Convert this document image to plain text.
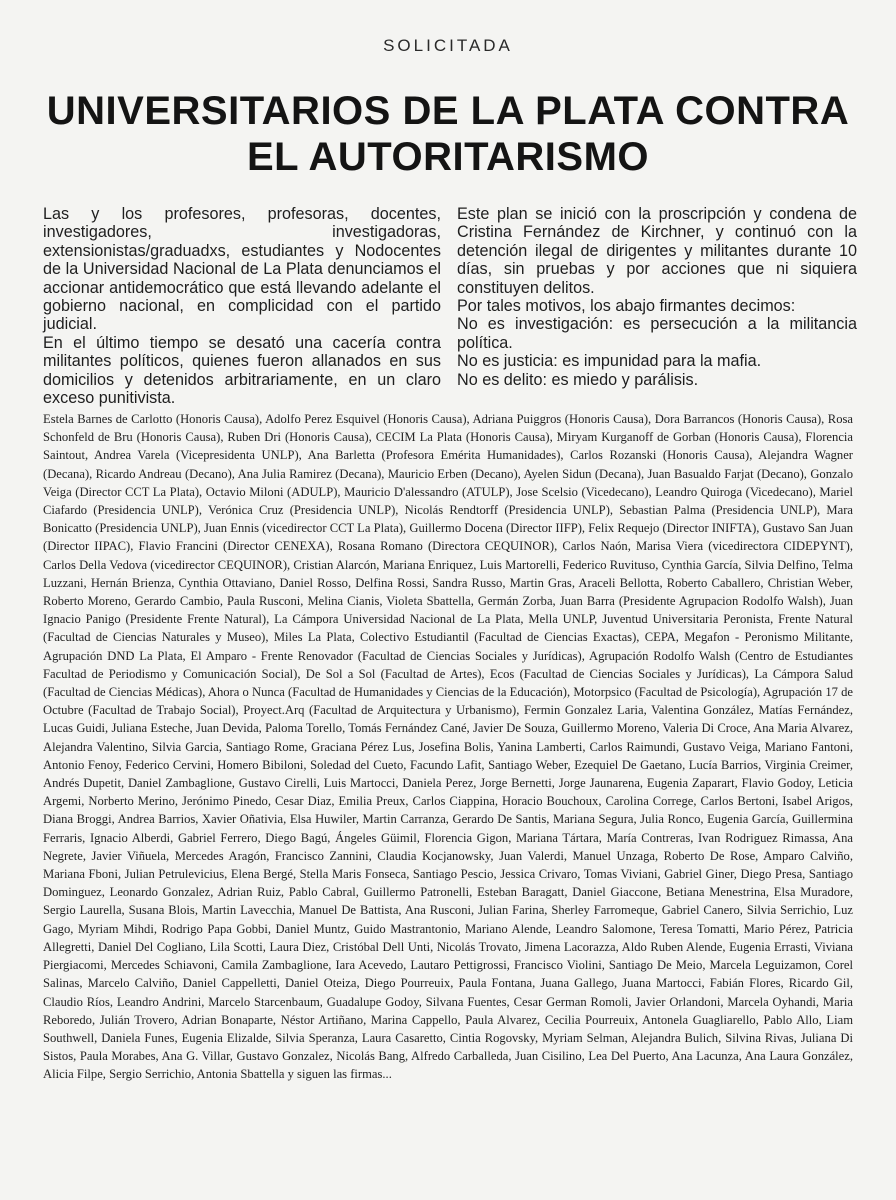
SOLICITADA
UNIVERSITARIOS DE LA PLATA CONTRA EL AUTORITARISMO

Las y los profesores, profesoras, docentes, investigadores, investigadoras, extensionistas/graduadxs, estudiantes y Nodocentes de la Universidad Nacional de La Plata denunciamos el accionar antidemocrático que está llevando adelante el gobierno nacional, en complicidad con el partido judicial.

En el último tiempo se desató una cacería contra militantes políticos, quienes fueron allanados en sus domicilios y detenidos arbitrariamente, en un claro exceso punitivista.

Este plan se inició con la proscripción y condena de Cristina Fernández de Kirchner, y continuó con la detención ilegal de dirigentes y militantes durante 10 días, sin pruebas y por acciones que ni siquiera constituyen delitos.

Por tales motivos, los abajo firmantes decimos:

No es investigación: es persecución a la militancia política.

No es justicia: es impunidad para la mafia.

No es delito: es miedo y parálisis.

Estela Barnes de Carlotto (Honoris Causa), Adolfo Perez Esquivel (Honoris Causa), Adriana Puiggros (Honoris Causa), Dora Barrancos (Honoris Causa), Rosa Schonfeld de Bru (Honoris Causa), Ruben Dri (Honoris Causa), CECIM La Plata (Honoris Causa), Miryam Kurganoff de Gorban (Honoris Causa), Florencia Saintout, Andrea Varela (Vicepresidenta UNLP), Ana Barletta (Profesora Emérita Humanidades), Carlos Rozanski (Honoris Causa), Alejandra Wagner (Decana), Ricardo Andreau (Decano), Ana Julia Ramirez (Decana), Mauricio Erben (Decano), Ayelen Sidun (Decana), Juan Basualdo Farjat (Decano), Gonzalo Veiga (Director CCT La Plata), Octavio Miloni (ADULP), Mauricio D'alessandro (ATULP), Jose Scelsio (Vicedecano), Leandro Quiroga (Vicedecano), Mariel Ciafardo (Presidencia UNLP), Verónica Cruz (Presidencia UNLP), Nicolás Rendtorff (Presidencia UNLP), Sebastian Palma (Presidencia UNLP), Mara Bonicatto (Presidencia UNLP), Juan Ennis (vicedirector CCT La Plata), Guillermo Docena (Director IIFP), Felix Requejo (Director INIFTA), Gustavo San Juan (Director IIPAC), Flavio Francini (Director CENEXA), Rosana Romano (Directora CEQUINOR), Carlos Naón, Marisa Viera (vicedirectora CIDEPYNT), Carlos Della Vedova (vicedirector CEQUINOR), Cristian Alarcón, Mariana Enriquez, Luis Martorelli, Federico Ruvituso, Cynthia García, Silvia Delfino, Telma Luzzani, Hernán Brienza, Cynthia Ottaviano, Daniel Rosso, Delfina Rossi, Sandra Russo, Martin Gras, Araceli Bellotta, Roberto Caballero, Christian Weber, Roberto Moreno, Gerardo Cambio, Paula Rusconi, Melina Cianis, Violeta Sbattella, Germán Zorba, Juan Barra (Presidente Agrupacion Rodolfo Walsh), Juan Ignacio Panigo (Presidente Frente Natural), La Cámpora Universidad Nacional de La Plata, Mella UNLP, Juventud Universitaria Peronista, Frente Natural (Facultad de Ciencias Naturales y Museo), Miles La Plata, Colectivo Estudiantil (Facultad de Ciencias Exactas), CEPA, Megafon - Peronismo Militante, Agrupación DND La Plata, El Amparo - Frente Renovador (Facultad de Ciencias Sociales y Jurídicas), Agrupación Rodolfo Walsh (Centro de Estudiantes Facultad de Periodismo y Comunicación Social), De Sol a Sol (Facultad de Artes), Ecos (Facultad de Ciencias Sociales y Jurídicas), La Cámpora Salud (Facultad de Ciencias Médicas), Ahora o Nunca (Facultad de Humanidades y Ciencias de la Educación), Motorpsico (Facultad de Psicología), Agrupación 17 de Octubre (Facultad de Trabajo Social), Proyect.Arq (Facultad de Arquitectura y Urbanismo), Fermin Gonzalez Laria, Valentina González, Matías Fernández, Lucas Guidi, Juliana Esteche, Juan Devida, Paloma Torello, Tomás Fernández Cané, Javier De Souza, Guillermo Moreno, Valeria Di Croce, Ana Maria Alvarez, Alejandra Valentino, Silvia Garcia, Santiago Rome, Graciana Pérez Lus, Josefina Bolis, Yanina Lamberti, Carlos Raimundi, Gustavo Veiga, Mariano Fantoni, Antonio Fenoy, Federico Cervini, Homero Bibiloni, Soledad del Cueto, Facundo Lafit, Santiago Weber, Ezequiel De Gaetano, Lucía Barrios, Virginia Creimer, Andrés Dupetit, Daniel Zambaglione, Gustavo Cirelli, Luis Martocci, Daniela Perez, Jorge Bernetti, Jorge Jaunarena, Eugenia Zaparart, Flavio Godoy, Leticia Argemi, Norberto Merino, Jerónimo Pinedo, Cesar Diaz, Emilia Preux, Carlos Ciappina, Horacio Bouchoux, Carolina Correge, Carlos Bertoni, Isabel Arigos, Diana Broggi, Andrea Barrios, Xavier Oñativia, Elsa Huwiler, Martin Carranza, Gerardo De Santis, Mariana Segura, Julia Ronco, Eugenia García, Guillermina Ferraris, Ignacio Alberdi, Gabriel Ferrero, Diego Bagú, Ángeles Güimil, Florencia Gigon, Mariana Tártara, María Contreras, Ivan Rodriguez Rimassa, Ana Negrete, Javier Viñuela, Mercedes Aragón, Francisco Zannini, Claudia Kocjanowsky, Juan Valerdi, Manuel Unzaga, Roberto De Rose, Amparo Calviño, Mariana Fboni, Julian Petrulevicius, Elena Bergé, Stella Maris Fonseca, Santiago Pescio, Jessica Crivaro, Tomas Viviani, Gabriel Giner, Diego Presa, Santiago Dominguez, Leonardo Gonzalez, Adrian Ruiz, Pablo Cabral, Guillermo Patronelli, Esteban Baragatt, Daniel Giaccone, Betiana Menestrina, Elsa Muradore, Sergio Laurella, Susana Blois, Martin Lavecchia, Manuel De Battista, Ana Rusconi, Julian Farina, Sherley Farromeque, Gabriel Canero, Silvia Serrichio, Luz Gago, Myriam Mihdi, Rodrigo Papa Gobbi, Daniel Muntz, Guido Mastrantonio, Mariano Alende, Leandro Salomone, Teresa Tomatti, Mario Pérez, Patricia Allegretti, Daniel Del Cogliano, Lila Scotti, Laura Diez, Cristóbal Dell Unti, Nicolás Trovato, Jimena Lacorazza, Aldo Ruben Alende, Eugenia Errasti, Viviana Piergiacomi, Mercedes Schiavoni, Camila Zambaglione, Iara Acevedo, Lautaro Pettigrossi, Francisco Violini, Santiago De Meio, Marcela Leguizamon, Corel Salinas, Marcelo Calviño, Daniel Cappelletti, Daniel Oteiza, Diego Pourreuix, Paula Fontana, Juana Gallego, Juana Martocci, Fabián Flores, Ricardo Gil, Claudio Ríos, Leandro Andrini, Marcelo Starcenbaum, Guadalupe Godoy, Silvana Fuentes, Cesar German Romoli, Javier Orlandoni, Marcela Oyhandi, Maria Reboredo, Julián Trovero, Adrian Bonaparte, Néstor Artiñano, Marina Cappello, Paula Alvarez, Cecilia Pourreuix, Antonela Guagliarello, Pablo Allo, Liam Southwell, Daniela Funes, Eugenia Elizalde, Silvia Speranza, Laura Casaretto, Cintia Rogovsky, Myriam Selman, Alejandra Bulich, Silvina Rivas, Juliana Di Sistos, Paula Morabes, Ana G. Villar, Gustavo Gonzalez, Nicolás Bang, Alfredo Carballeda, Juan Cisilino, Lea Del Puerto, Ana Lacunza, Ana Laura González, Alicia Filpe, Sergio Serrichio, Antonia Sbattella y siguen las firmas...
